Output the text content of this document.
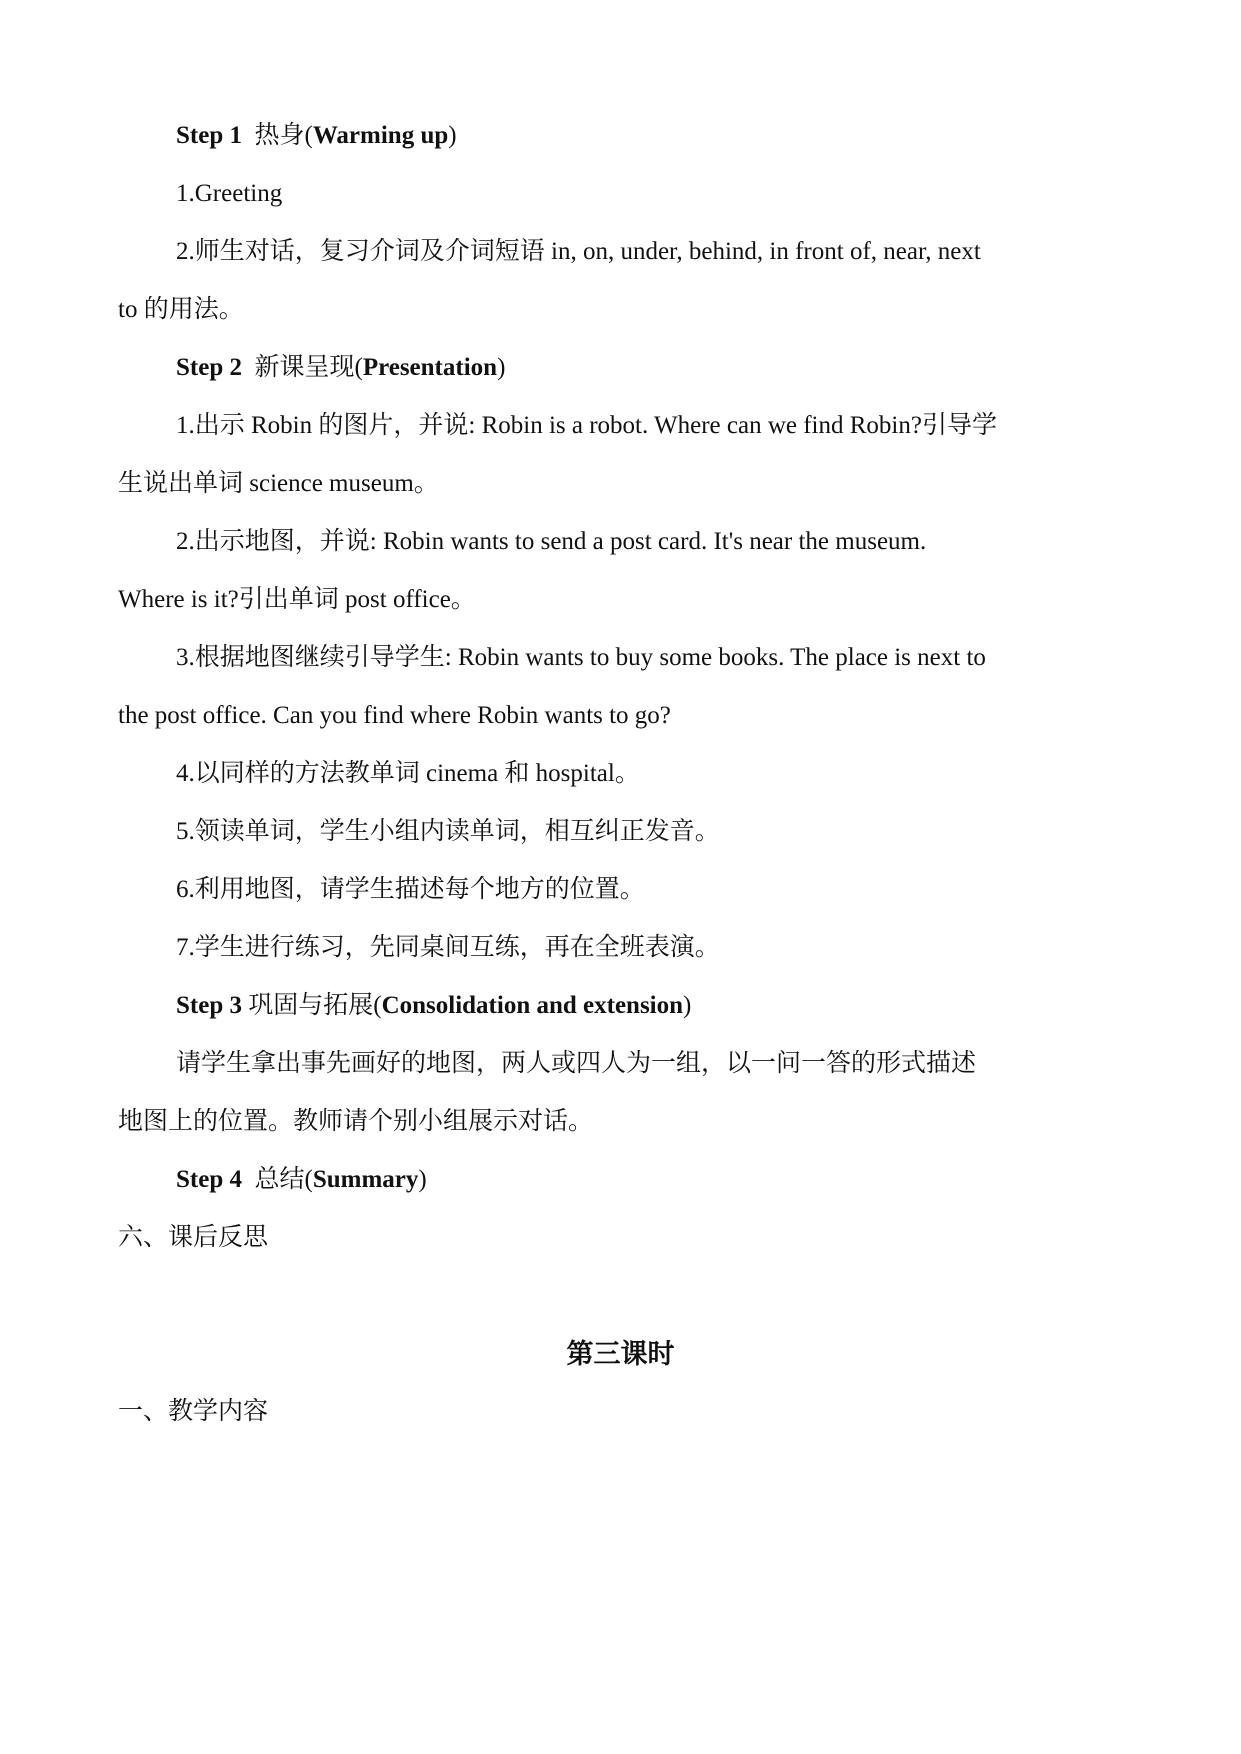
Step 1 热身(Warming up)
1.Greeting
2.师生对话，复习介词及介词短语 in, on, under, behind, in front of, near, next
to 的用法。
Step 2 新课呈现(Presentation)
1.出示 Robin 的图片，并说: Robin is a robot. Where can we find Robin?引导学
生说出单词 science museum。
2.出示地图，并说: Robin wants to send a post card. It's near the museum.
Where is it?引出单词 post office。
3.根据地图继续引导学生: Robin wants to buy some books. The place is next to
the post office. Can you find where Robin wants to go?
4.以同样的方法教单词 cinema 和 hospital。
5.领读单词，学生小组内读单词，相互纠正发音。
6.利用地图，请学生描述每个地方的位置。
7.学生进行练习，先同桌间互练，再在全班表演。
Step 3 巩固与拓展(Consolidation and extension)
请学生拿出事先画好的地图，两人或四人为一组，以一问一答的形式描述
地图上的位置。教师请个别小组展示对话。
Step 4 总结(Summary)
六、课后反思
第三课时
一、教学内容
